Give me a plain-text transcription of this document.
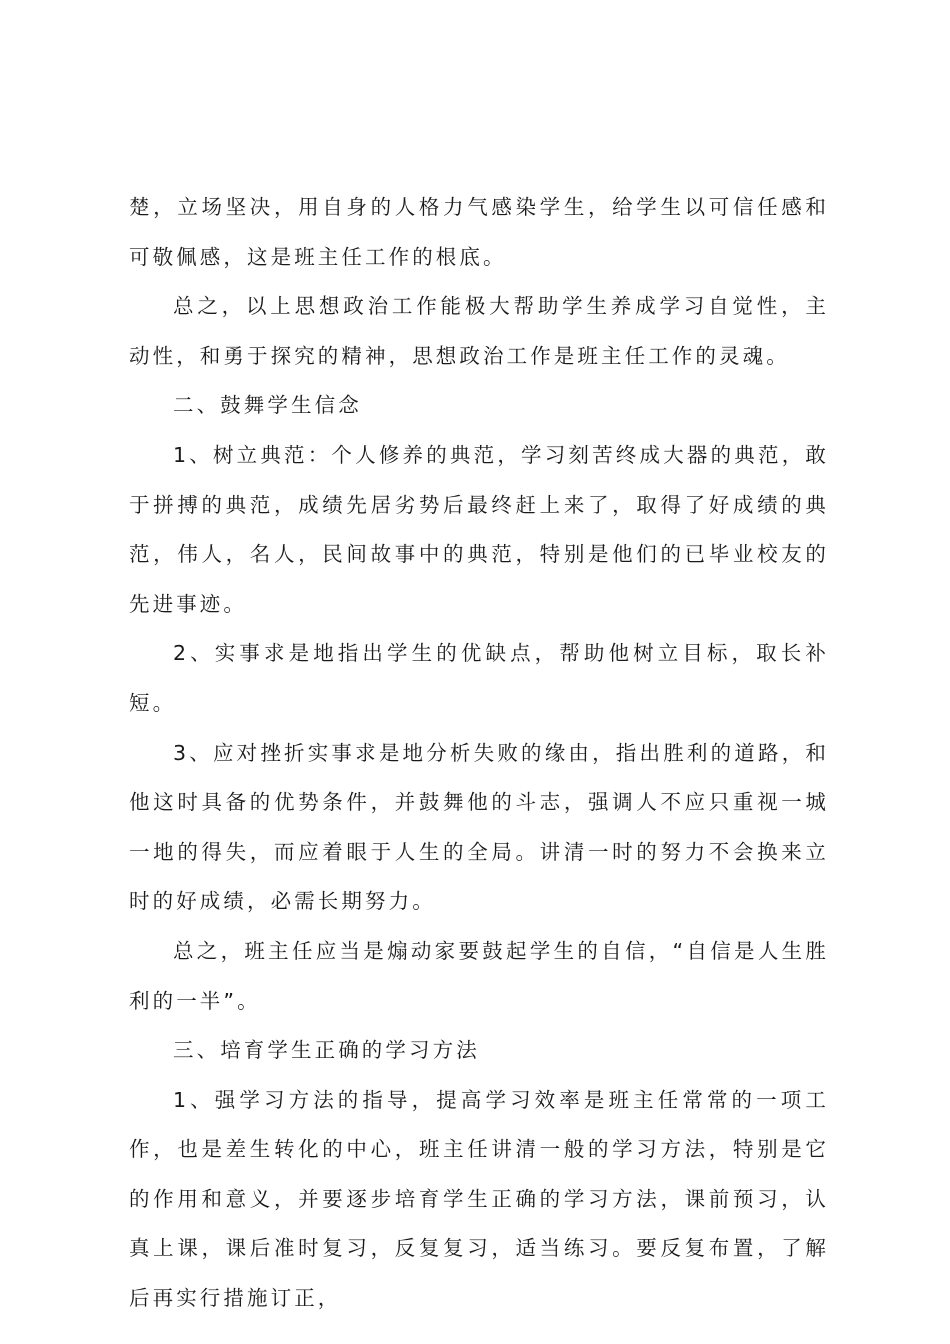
楚，立场坚决，用自身的人格力气感染学生，给学生以可信任感和可敬佩感，这是班主任工作的根底。

总之，以上思想政治工作能极大帮助学生养成学习自觉性，主动性，和勇于探究的精神，思想政治工作是班主任工作的灵魂。

二、鼓舞学生信念

1、树立典范：个人修养的典范，学习刻苦终成大器的典范，敢于拼搏的典范，成绩先居劣势后最终赶上来了，取得了好成绩的典范，伟人，名人，民间故事中的典范，特别是他们的已毕业校友的先进事迹。

2、实事求是地指出学生的优缺点，帮助他树立目标，取长补短。

3、应对挫折实事求是地分析失败的缘由，指出胜利的道路，和他这时具备的优势条件，并鼓舞他的斗志，强调人不应只重视一城一地的得失，而应着眼于人生的全局。讲清一时的努力不会换来立时的好成绩，必需长期努力。

总之，班主任应当是煽动家要鼓起学生的自信，“自信是人生胜利的一半”。

三、培育学生正确的学习方法

1、强学习方法的指导，提高学习效率是班主任常常的一项工作，也是差生转化的中心，班主任讲清一般的学习方法，特别是它的作用和意义，并要逐步培育学生正确的学习方法，课前预习，认真上课，课后准时复习，反复复习，适当练习。要反复布置，了解后再实行措施订正，
